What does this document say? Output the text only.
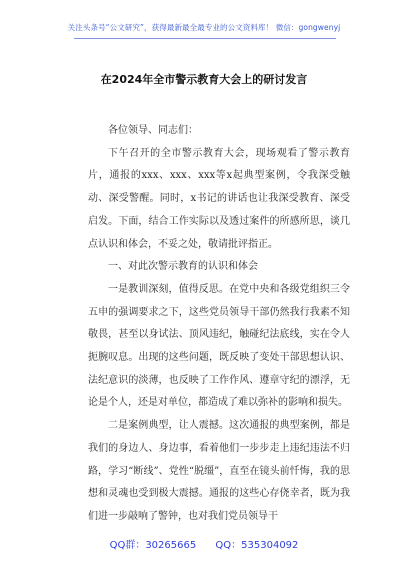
关注头条号“公文研究”，获得最新最全最专业的公文资料库！ 微信：gongwenyj
在2024年全市警示教育大会上的研讨发言

各位领导、同志们：

下午召开的全市警示教育大会，现场观看了警示教育片，通报的xxx、xxx、xxx等x起典型案例，令我深受触动、深受警醒。同时，x书记的讲话也让我深受教育、深受启发。下面，结合工作实际以及透过案件的所感所思，谈几点认识和体会，不妥之处，敬请批评指正。

一、对此次警示教育的认识和体会

一是教训深刻，值得反思。在党中央和各级党组织三令五申的强调要求之下，这些党员领导干部仍然我行我素不知敬畏，甚至以身试法、顶风违纪，触碰纪法底线，实在令人扼腕叹息。出现的这些问题，既反映了变处干部思想认识、法纪意识的淡薄，也反映了工作作风、遵章守纪的漂浮，无论是个人，还是对单位，都造成了难以弥补的影响和损失。

二是案例典型，让人震撼。这次通报的典型案例，都是我们的身边人、身边事，看着他们一步步走上违纪违法不归路，学习“断线”、党性“脱缰”，直至在镜头前忏悔，我的思想和灵魂也受到极大震撼。通报的这些心存侥幸者，既为我们进一步敲响了警钟，也对我们党员领导干

QQ群：30265665 QQ：535304092
